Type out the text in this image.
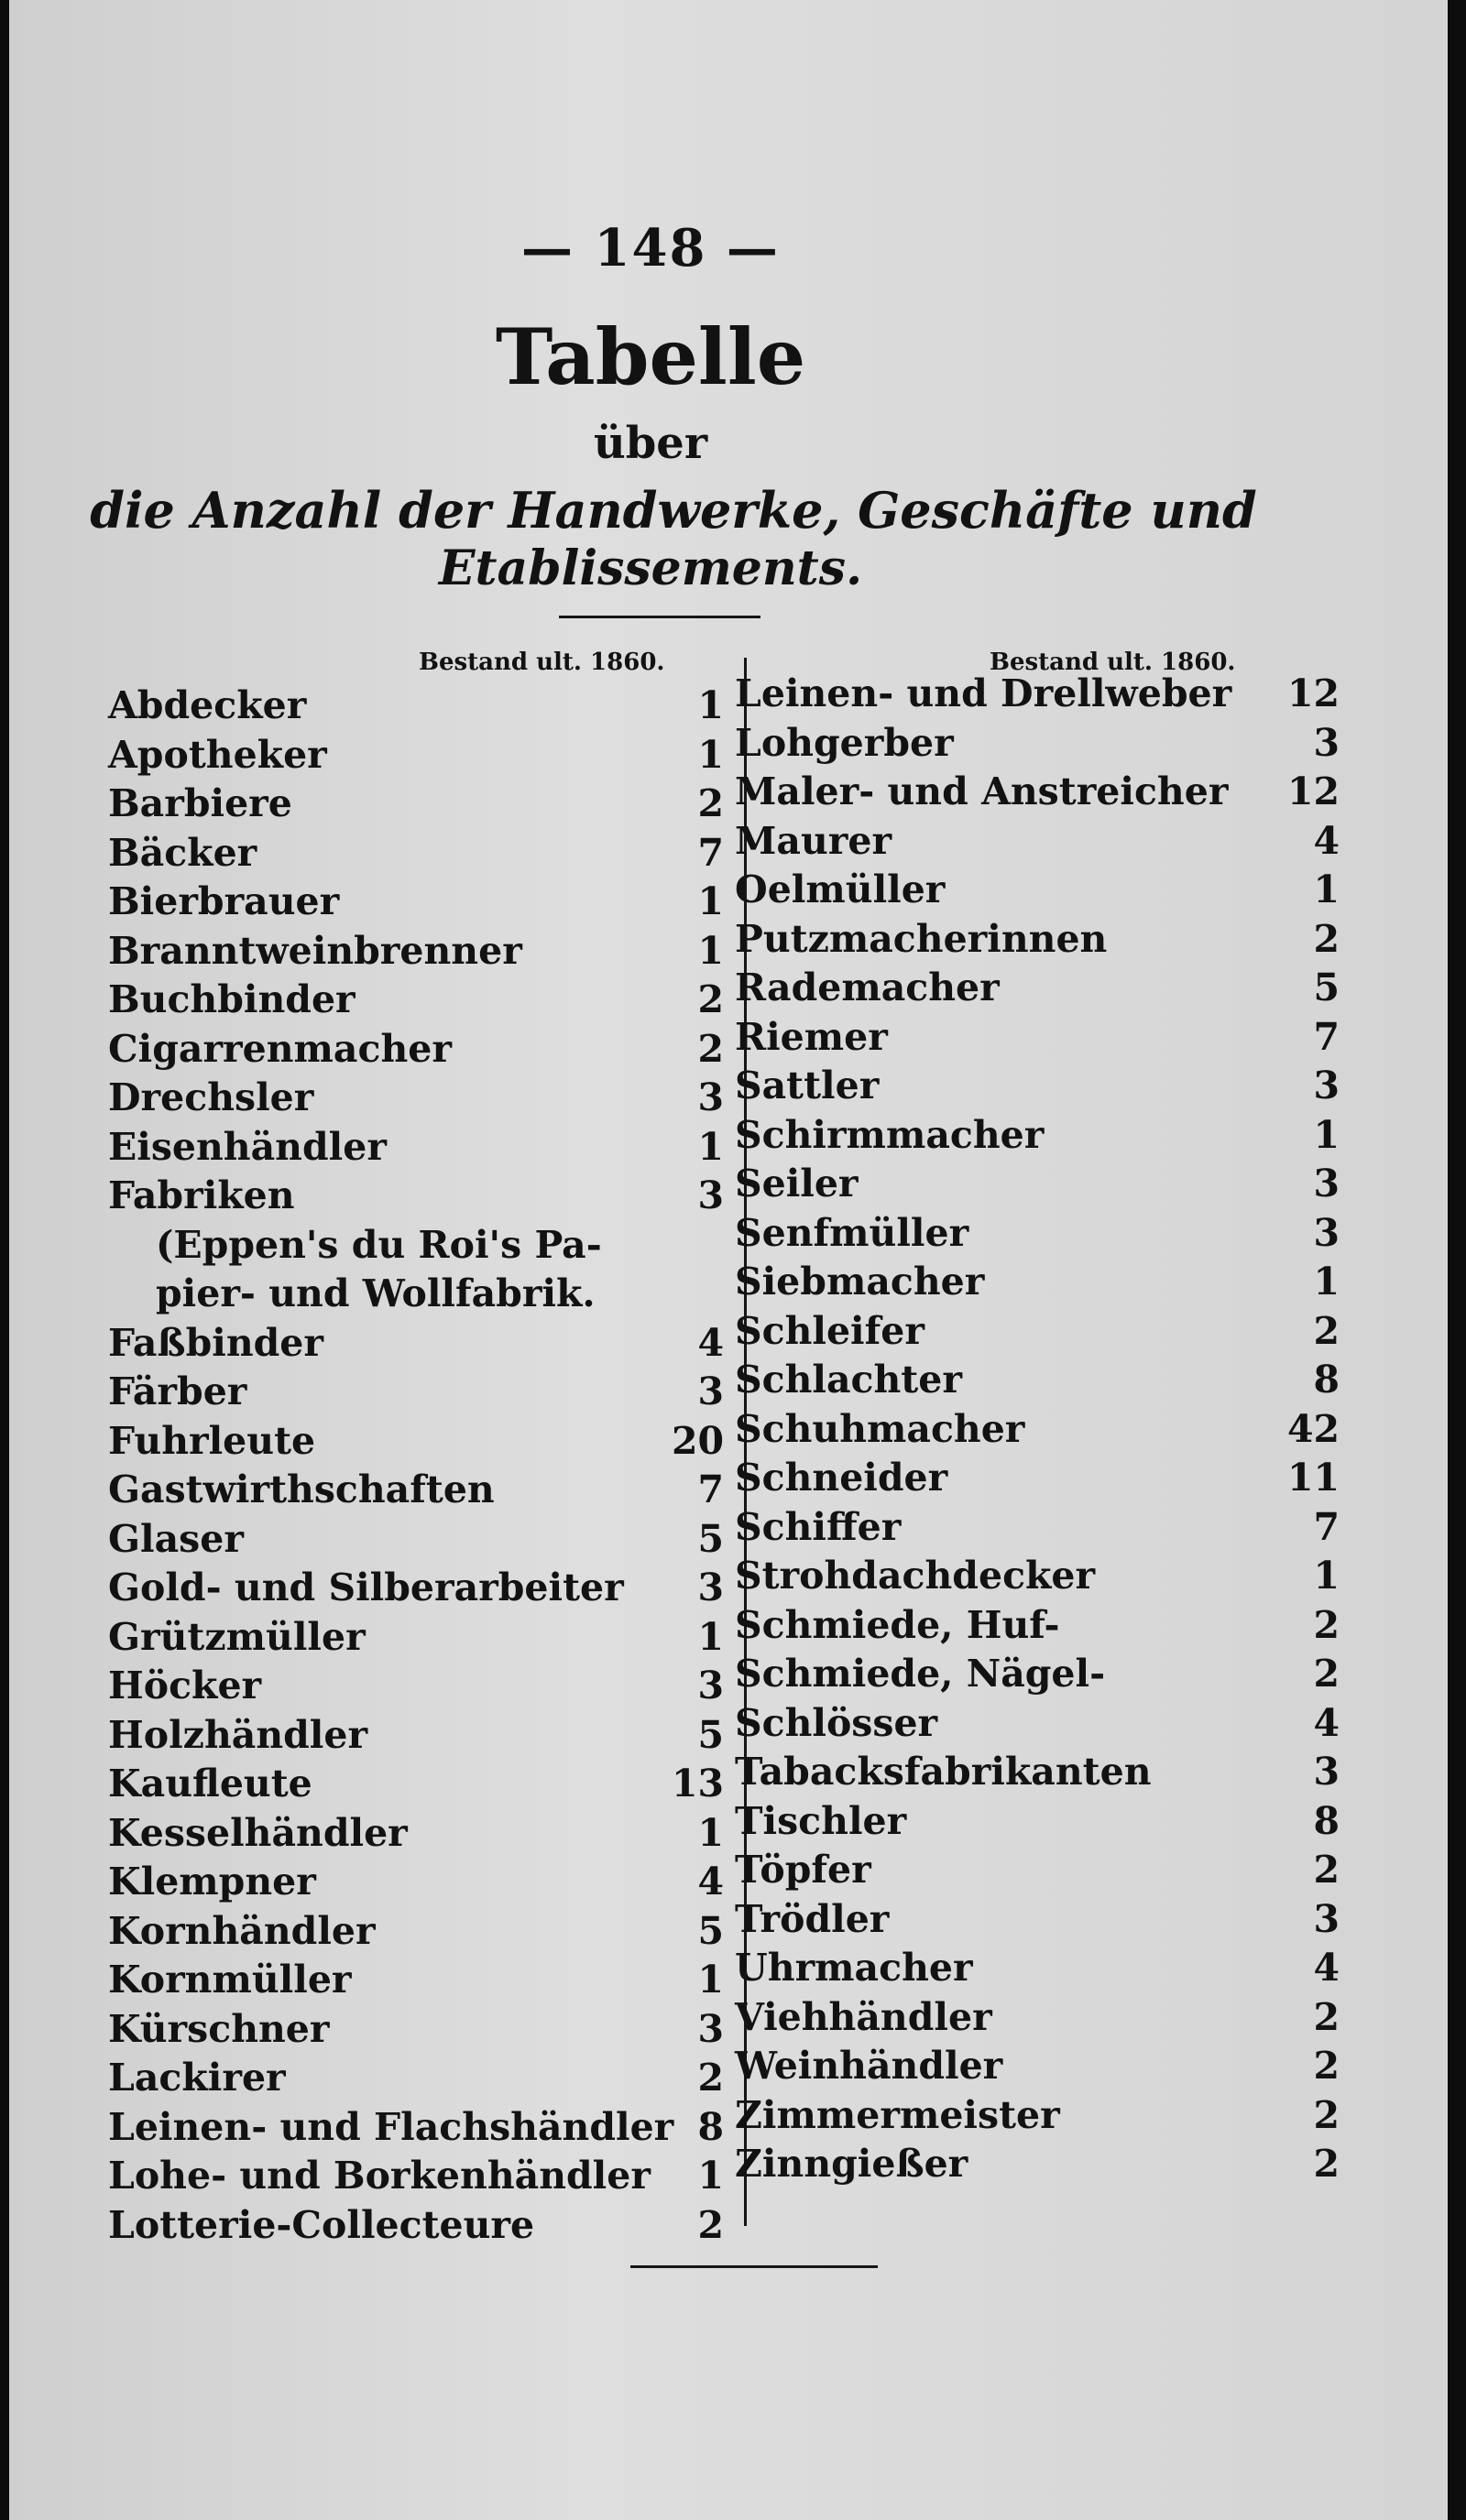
— 148 —
Tabelle
über
die Anzahl der Handwerke, Geschäfte und
Etablissements.
Bestand ult. 1860.	Bestand ult. 1860.
Abdecker	1
Apotheker	1
Barbiere	2
Bäcker	7
Bierbrauer	1
Branntweinbrenner	1
Buchbinder	2
Cigarrenmacher	2
Drechsler	3
Eisenhändler	1
Fabriken	3
(Eppen's du Roi's Pa-
pier- und Wollfabrik.
Faßbinder	4
Färber	3
Fuhrleute	20
Gastwirthschaften	7
Glaser	5
Gold- und Silberarbeiter 3
Grützmüller	1
Höcker	3
Holzhändler	5
Kaufleute	13
Kesselhändler	1
Klempner	4
Kornhändler	5
Kornmüller	1
Kürschner	3
Lackirer	2
Leinen- und Flachshändler 8
Lohe- und Borkenhändler 1
Lotterie-Collecteure	2
Leinen- und Drellweber 12
Lohgerber	3
Maler- und Anstreicher 12
Maurer	4
Oelmüller	1
Putzmacherinnen	2
Rademacher	5
Riemer	7
Sattler	3
Schirmmacher	1
Seiler	3
Senfmüller	3
Siebmacher	1
Schleifer	2
Schlachter	8
Schuhmacher	42
Schneider	11
Schiffer	7
Strohdachdecker	1
Schmiede, Huf-	2
Schmiede, Nägel-	2
Schlösser	4
Tabacksfabrikanten	3
Tischler	8
Töpfer	2
Trödler	3
Uhrmacher	4
Viehhändler	2
Weinhändler	2
Zimmermeister	2
Zinngießer	2
